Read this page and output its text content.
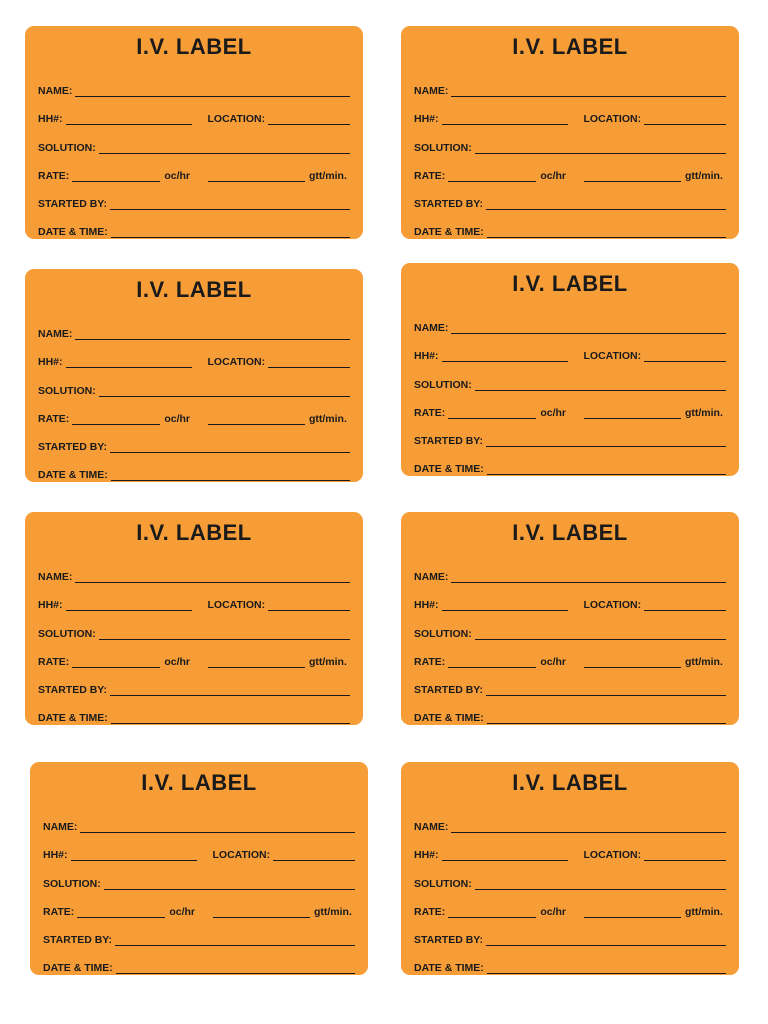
I.V. LABEL
NAME:
HH#:	LOCATION:
SOLUTION:
RATE:	oc/hr	gtt/min.
STARTED BY:
DATE & TIME:
I.V. LABEL
NAME:
HH#:	LOCATION:
SOLUTION:
RATE:	oc/hr	gtt/min.
STARTED BY:
DATE & TIME:
I.V. LABEL
NAME:
HH#:	LOCATION:
SOLUTION:
RATE:	oc/hr	gtt/min.
STARTED BY:
DATE & TIME:
I.V. LABEL
NAME:
HH#:	LOCATION:
SOLUTION:
RATE:	oc/hr	gtt/min.
STARTED BY:
DATE & TIME:
I.V. LABEL
NAME:
HH#:	LOCATION:
SOLUTION:
RATE:	oc/hr	gtt/min.
STARTED BY:
DATE & TIME:
I.V. LABEL
NAME:
HH#:	LOCATION:
SOLUTION:
RATE:	oc/hr	gtt/min.
STARTED BY:
DATE & TIME:
I.V. LABEL
NAME:
HH#:	LOCATION:
SOLUTION:
RATE:	oc/hr	gtt/min.
STARTED BY:
DATE & TIME:
I.V. LABEL
NAME:
HH#:	LOCATION:
SOLUTION:
RATE:	oc/hr	gtt/min.
STARTED BY:
DATE & TIME:
